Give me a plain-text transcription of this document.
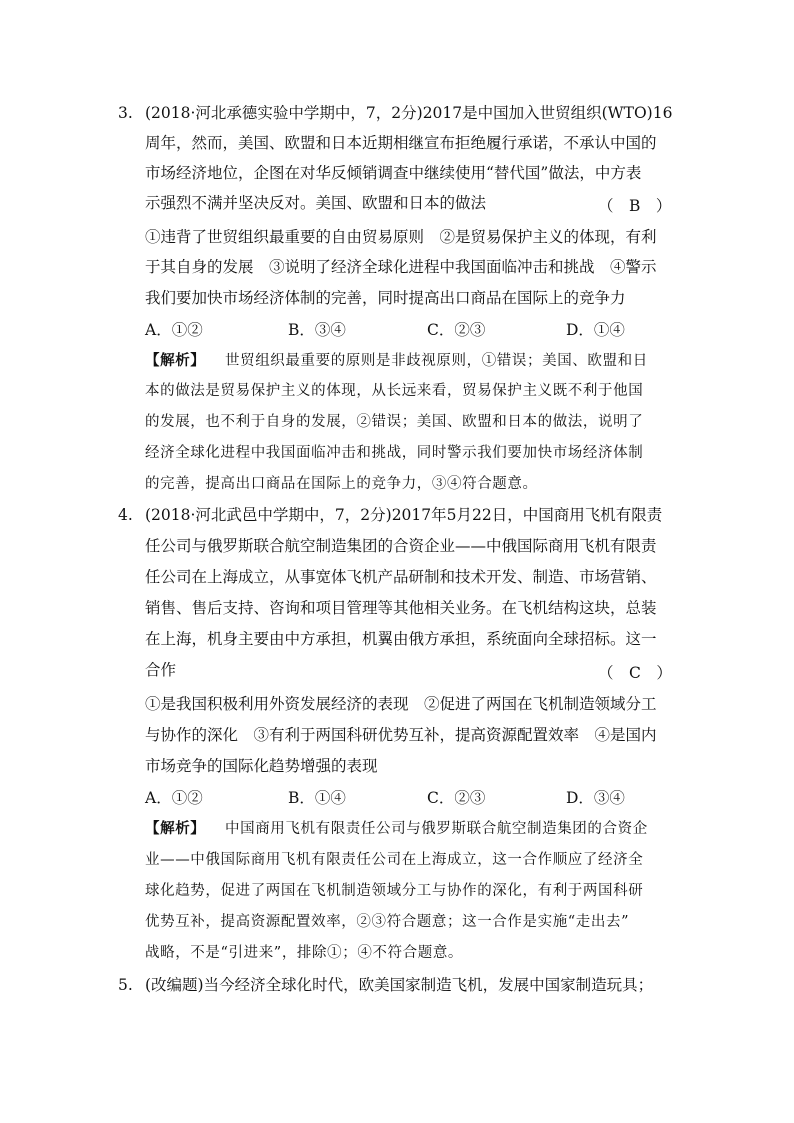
3. (2018·河北承德实验中学期中，7，2分)2017是中国加入世贸组织(WTO)16
周年，然而，美国、欧盟和日本近期相继宣布拒绝履行承诺，不承认中国的
市场经济地位，企图在对华反倾销调查中继续使用“替代国”做法，中方表
示强烈不满并坚决反对。美国、欧盟和日本的做法	（　B　）
①违背了世贸组织最重要的自由贸易原则　②是贸易保护主义的体现，有利
于其自身的发展　③说明了经济全球化进程中我国面临冲击和挑战　④警示
我们要加快市场经济体制的完善，同时提高出口商品在国际上的竞争力
A．①②	B．③④	C．②③	D．①④
【解析】 世贸组织最重要的原则是非歧视原则，①错误；美国、欧盟和日
本的做法是贸易保护主义的体现，从长远来看，贸易保护主义既不利于他国
的发展，也不利于自身的发展，②错误；美国、欧盟和日本的做法，说明了
经济全球化进程中我国面临冲击和挑战，同时警示我们要加快市场经济体制
的完善，提高出口商品在国际上的竞争力，③④符合题意。
4. (2018·河北武邑中学期中，7，2分)2017年5月22日，中国商用飞机有限责
任公司与俄罗斯联合航空制造集团的合资企业——中俄国际商用飞机有限责
任公司在上海成立，从事宽体飞机产品研制和技术开发、制造、市场营销、
销售、售后支持、咨询和项目管理等其他相关业务。在飞机结构这块，总装
在上海，机身主要由中方承担，机翼由俄方承担，系统面向全球招标。这一
合作	（　C　）
①是我国积极利用外资发展经济的表现　②促进了两国在飞机制造领域分工
与协作的深化　③有利于两国科研优势互补，提高资源配置效率　④是国内
市场竞争的国际化趋势增强的表现
A．①②	B．①④	C．②③	D．③④
【解析】 中国商用飞机有限责任公司与俄罗斯联合航空制造集团的合资企
业——中俄国际商用飞机有限责任公司在上海成立，这一合作顺应了经济全
球化趋势，促进了两国在飞机制造领域分工与协作的深化，有利于两国科研
优势互补，提高资源配置效率，②③符合题意；这一合作是实施“走出去”
战略，不是“引进来”，排除①；④不符合题意。
5. (改编题)当今经济全球化时代，欧美国家制造飞机，发展中国家制造玩具；
